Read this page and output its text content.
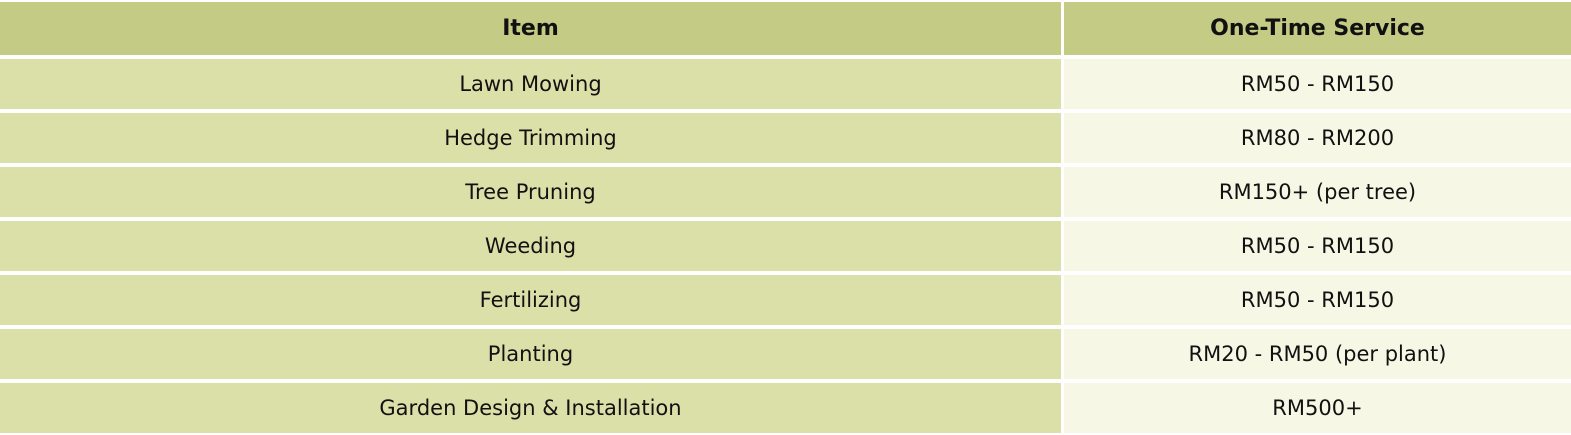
Item	One-Time Service
Lawn Mowing	RM50 - RM150
Hedge Trimming	RM80 - RM200
Tree Pruning	RM150+ (per tree)
Weeding	RM50 - RM150
Fertilizing	RM50 - RM150
Planting	RM20 - RM50 (per plant)
Garden Design & Installation	RM500+
